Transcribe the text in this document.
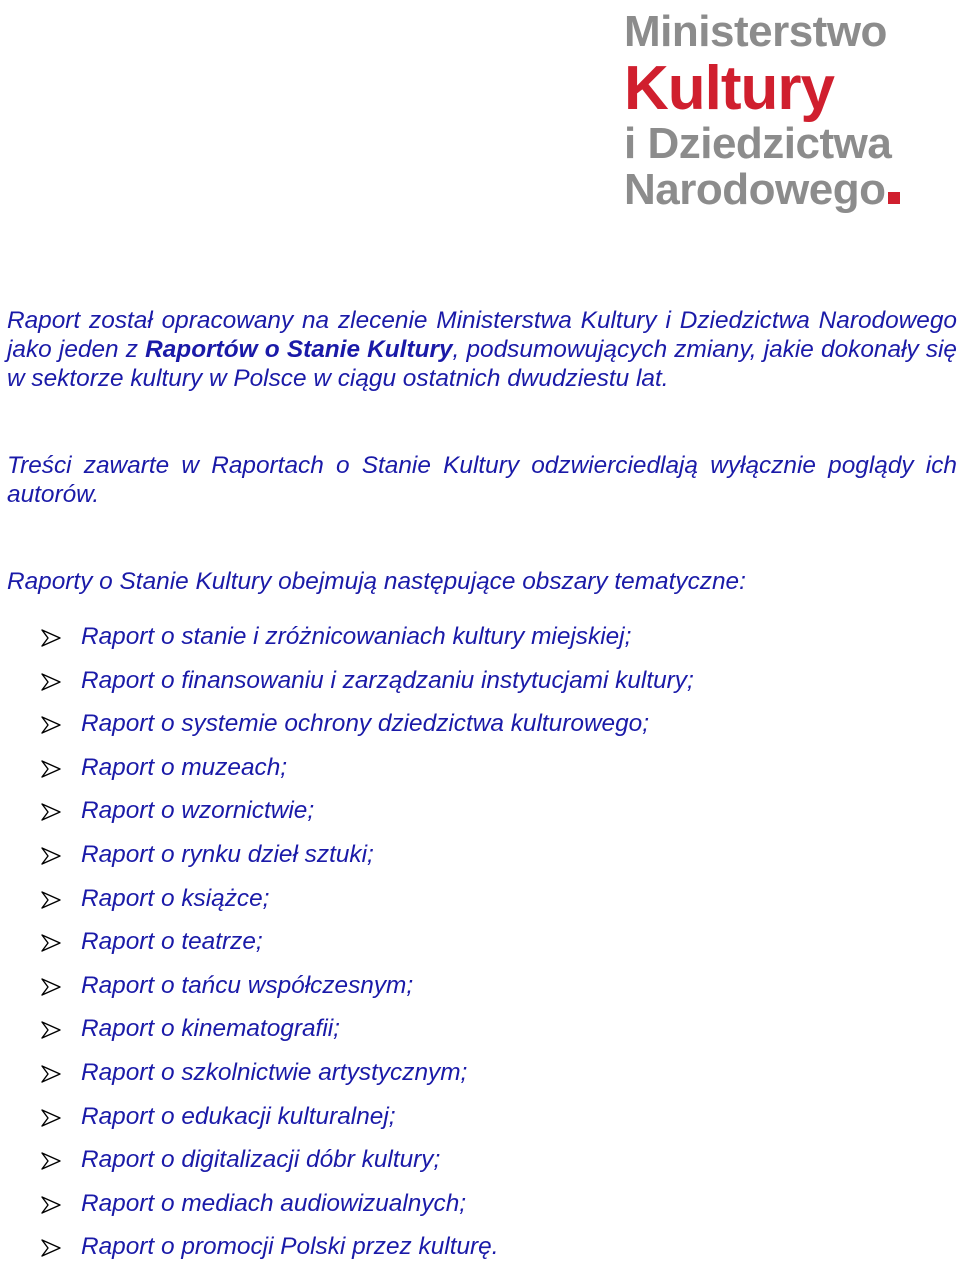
Ministerstwo
Kultury
i Dziedzictwa
Narodowego
Raport został opracowany na zlecenie Ministerstwa Kultury i Dziedzictwa Narodowego jako jeden z Raportów o Stanie Kultury, podsumowujących zmiany, jakie dokonały się w sektorze kultury w Polsce w ciągu ostatnich dwudziestu lat.
Treści zawarte w Raportach o Stanie Kultury odzwierciedlają wyłącznie poglądy ich autorów.
Raporty o Stanie Kultury obejmują następujące obszary tematyczne:
Raport o stanie i zróżnicowaniach kultury miejskiej;
Raport o finansowaniu i zarządzaniu instytucjami kultury;
Raport o systemie ochrony dziedzictwa kulturowego;
Raport o muzeach;
Raport o wzornictwie;
Raport o rynku dzieł sztuki;
Raport o książce;
Raport o teatrze;
Raport o tańcu współczesnym;
Raport o kinematografii;
Raport o szkolnictwie artystycznym;
Raport o edukacji kulturalnej;
Raport o digitalizacji dóbr kultury;
Raport o mediach audiowizualnych;
Raport o promocji Polski przez kulturę.
